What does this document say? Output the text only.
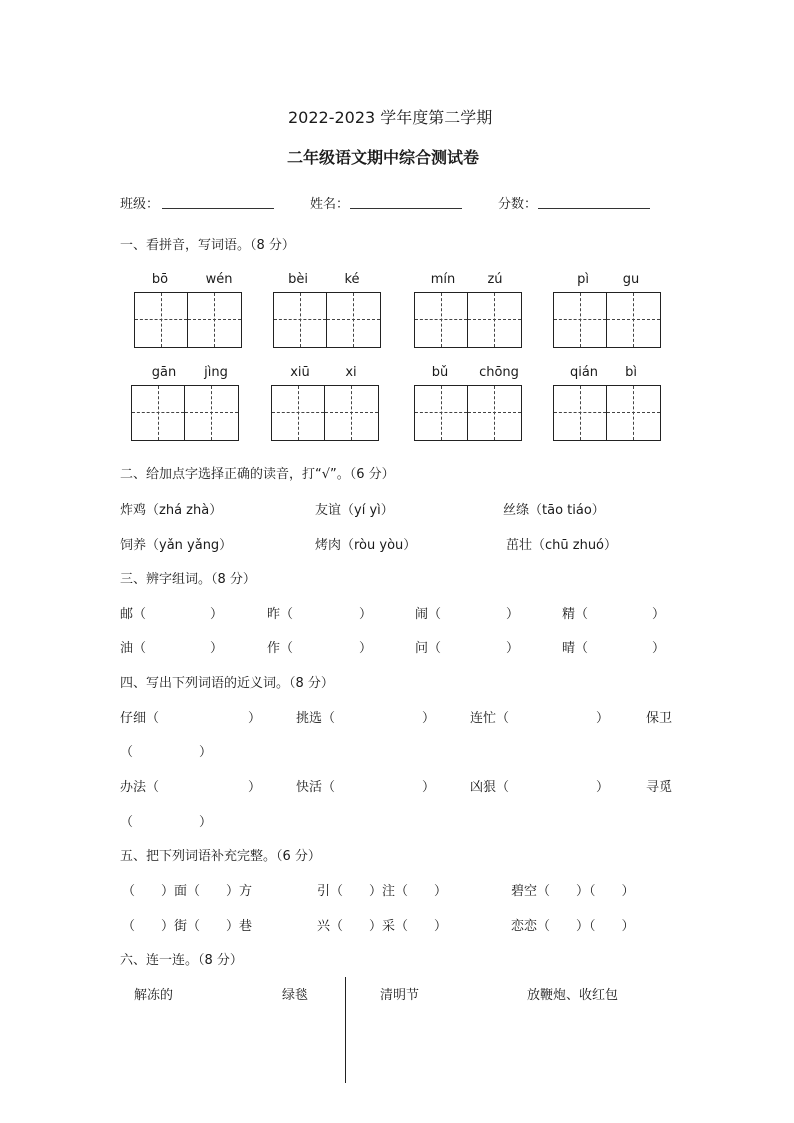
2022-2023 学年度第二学期
二年级语文期中综合测试卷
班级：	姓名：	分数：
一、看拼音，写词语。（8 分）
bō	wén	bèi	ké	mín	zú	pì	gu
gān	jìng	xiū	xi	bǔ	chōng	qián	bì
二、给加点字选择正确的读音，打“√”。（6 分）
炸鸡（zhá zhà）	友谊（yí yì）	丝绦（tāo tiáo）
饲养（yǎn yǎng）	烤肉（ròu yòu）	茁壮（chū zhuó）
三、辨字组词。（8 分）
邮（	）	昨（	）	闹（	）	精（	）
油（	）	作（	）	问（	）	晴（	）
四、写出下列词语的近义词。（8 分）
仔细（	）	挑选（	）	连忙（	）	保卫
（	）
办法（	）	快活（	）	凶狠（	）	寻觅
（	）
五、把下列词语补充完整。（6 分）
（　　）面（　　）方	引（　　）注（　　）	碧空（　　）（　　）
（　　）街（　　）巷	兴（　　）采（　　）	恋恋（　　）（　　）
六、连一连。（8 分）
解冻的	绿毯	清明节	放鞭炮、收红包
